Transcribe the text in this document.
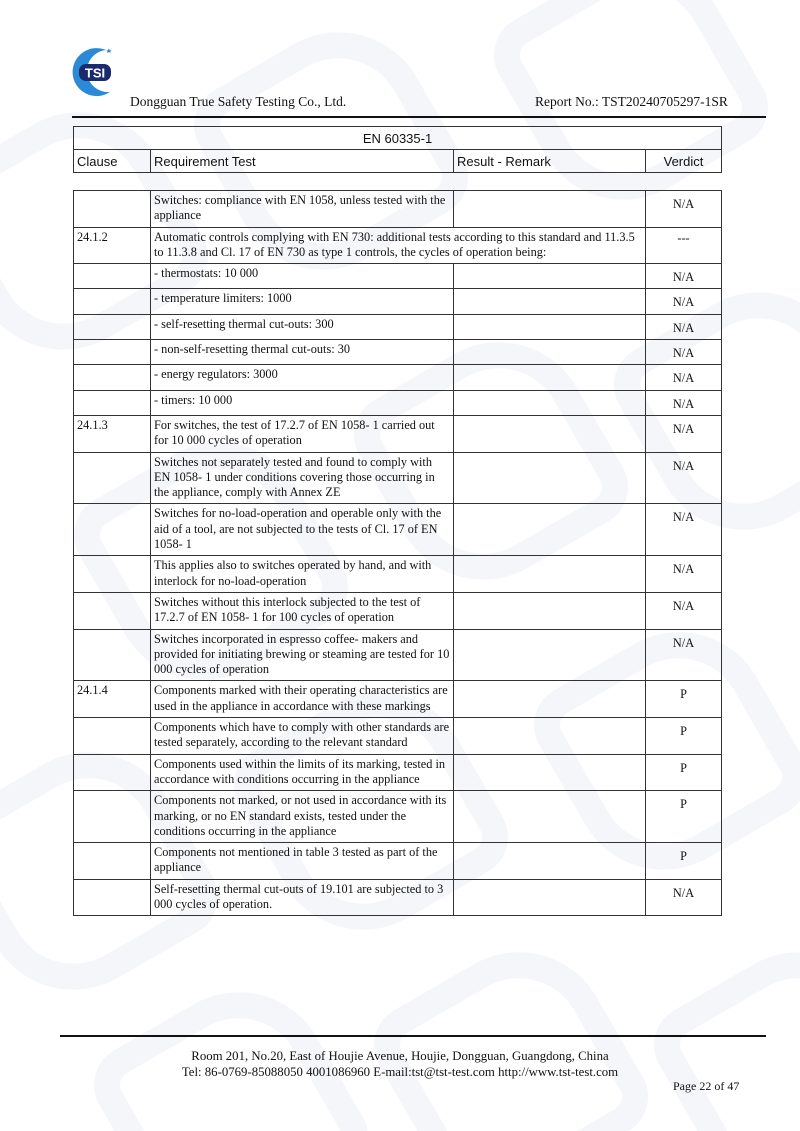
TSI
Dongguan True Safety Testing Co., Ltd.	Report No.: TST20240705297-1SR
EN 60335-1
Clause	Requirement Test	Result - Remark	Verdict
	Switches: compliance with EN 1058, unless tested with the appliance		N/A
24.1.2	Automatic controls complying with EN 730: additional tests according to this standard and 11.3.5 to 11.3.8 and Cl. 17 of EN 730 as type 1 controls, the cycles of operation being:		---
	- thermostats: 10 000		N/A
	- temperature limiters: 1000		N/A
	- self-resetting thermal cut-outs: 300		N/A
	- non-self-resetting thermal cut-outs: 30		N/A
	- energy regulators: 3000		N/A
	- timers: 10 000		N/A
24.1.3	For switches, the test of 17.2.7 of EN 1058- 1 carried out for 10 000 cycles of operation		N/A
	Switches not separately tested and found to comply with EN 1058- 1 under conditions covering those occurring in the appliance, comply with Annex ZE		N/A
	Switches for no-load-operation and operable only with the aid of a tool, are not subjected to the tests of Cl. 17 of EN 1058- 1		N/A
	This applies also to switches operated by hand, and with interlock for no-load-operation		N/A
	Switches without this interlock subjected to the test of 17.2.7 of EN 1058- 1 for 100 cycles of operation		N/A
	Switches incorporated in espresso coffee- makers and provided for initiating brewing or steaming are tested for 10 000 cycles of operation		N/A
24.1.4	Components marked with their operating characteristics are used in the appliance in accordance with these markings		P
	Components which have to comply with other standards are tested separately, according to the relevant standard		P
	Components used within the limits of its marking, tested in accordance with conditions occurring in the appliance		P
	Components not marked, or not used in accordance with its marking, or no EN standard exists, tested under the conditions occurring in the appliance		P
	Components not mentioned in table 3 tested as part of the appliance		P
	Self-resetting thermal cut-outs of 19.101 are subjected to 3 000 cycles of operation.		N/A
Room 201, No.20, East of Houjie Avenue, Houjie, Dongguan, Guangdong, China
Tel: 86-0769-85088050 4001086960 E-mail:tst@tst-test.com http://www.tst-test.com
Page 22 of 47
